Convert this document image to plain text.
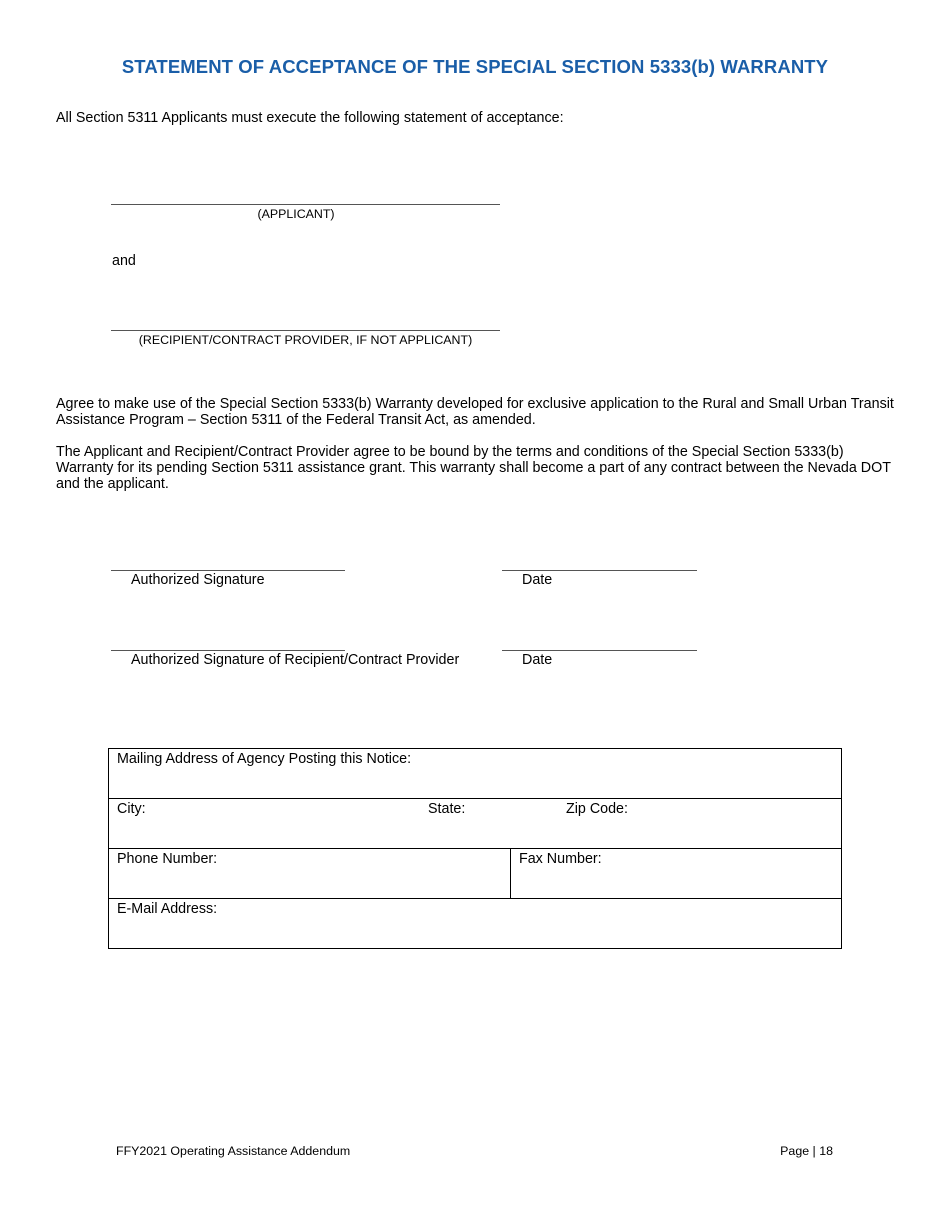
STATEMENT OF ACCEPTANCE OF THE SPECIAL SECTION 5333(b) WARRANTY
All Section 5311 Applicants must execute the following statement of acceptance:
(APPLICANT)
and
(RECIPIENT/CONTRACT PROVIDER, IF NOT APPLICANT)
Agree to make use of the Special Section 5333(b) Warranty developed for exclusive application to the Rural and Small Urban Transit Assistance Program – Section 5311 of the Federal Transit Act, as amended.
The Applicant and Recipient/Contract Provider agree to be bound by the terms and conditions of the Special Section 5333(b) Warranty for its pending Section 5311 assistance grant. This warranty shall become a part of any contract between the Nevada DOT and the applicant.
Authorized Signature	Date
Authorized Signature of Recipient/Contract Provider	Date
Mailing Address of Agency Posting this Notice:
City:	State:	Zip Code:

Phone Number:	Fax Number:
E-Mail Address:
FFY2021 Operating Assistance Addendum	Page | 18
